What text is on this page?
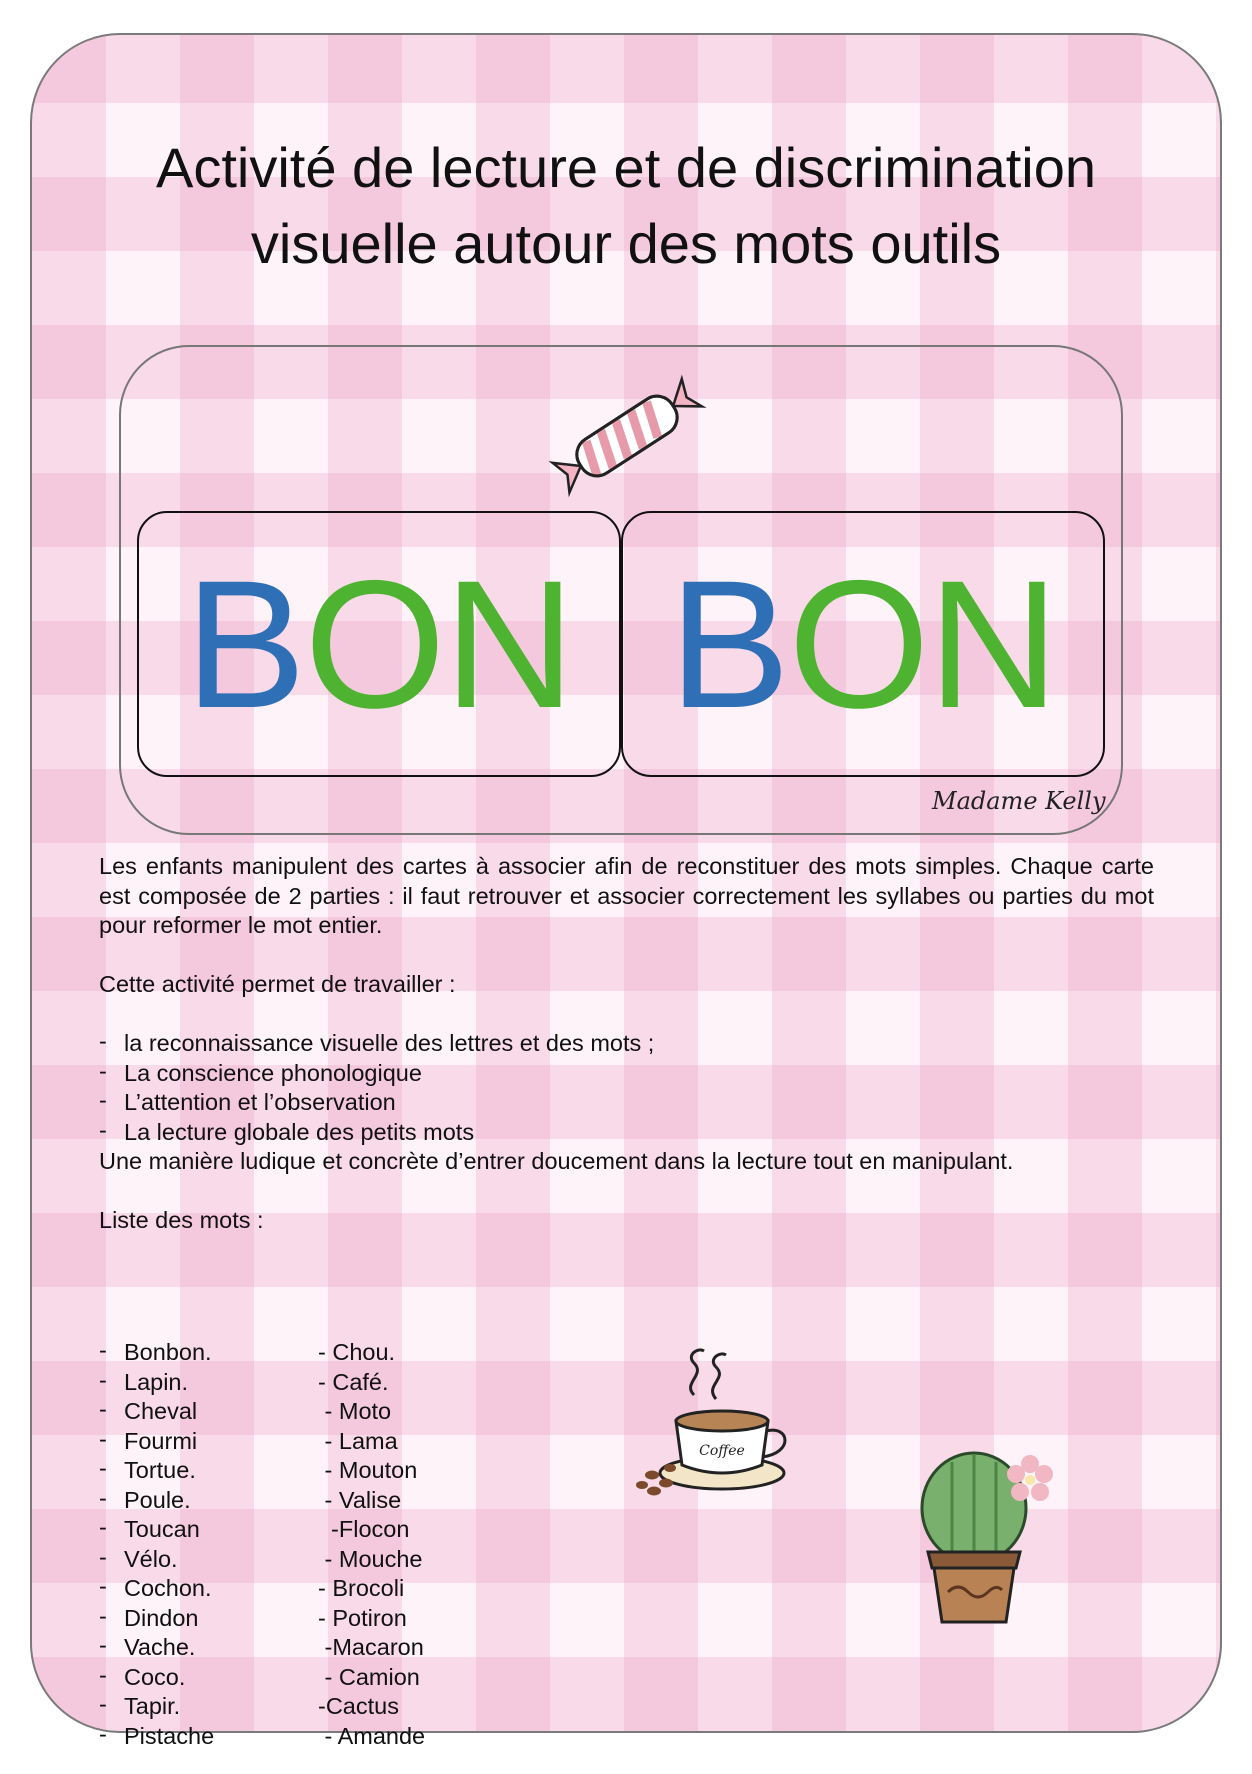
Activité de lecture et de discrimination
visuelle autour des mots outils
BON BON
Madame Kelly
Les enfants manipulent des cartes à associer afin de reconstituer des mots simples. Chaque carte est composée de 2 parties : il faut retrouver et associer correctement les syllabes ou parties du mot pour reformer le mot entier.
Cette activité permet de travailler :
- la reconnaissance visuelle des lettres et des mots ;
- La conscience phonologique
- L’attention et l’observation
- La lecture globale des petits mots
Une manière ludique et concrète d’entrer doucement dans la lecture tout en manipulant.
Liste des mots :
- Bonbon.
- Lapin.
- Cheval
- Fourmi
- Tortue.
- Poule.
- Toucan
- Vélo.
- Cochon.
- Dindon
- Vache.
- Coco.
- Tapir.
- Pistache
- Chou.
- Café.
- Moto
- Lama
- Mouton
- Valise
-Flocon
- Mouche
- Brocoli
- Potiron
-Macaron
- Camion
-Cactus
- Amande
Coffee
